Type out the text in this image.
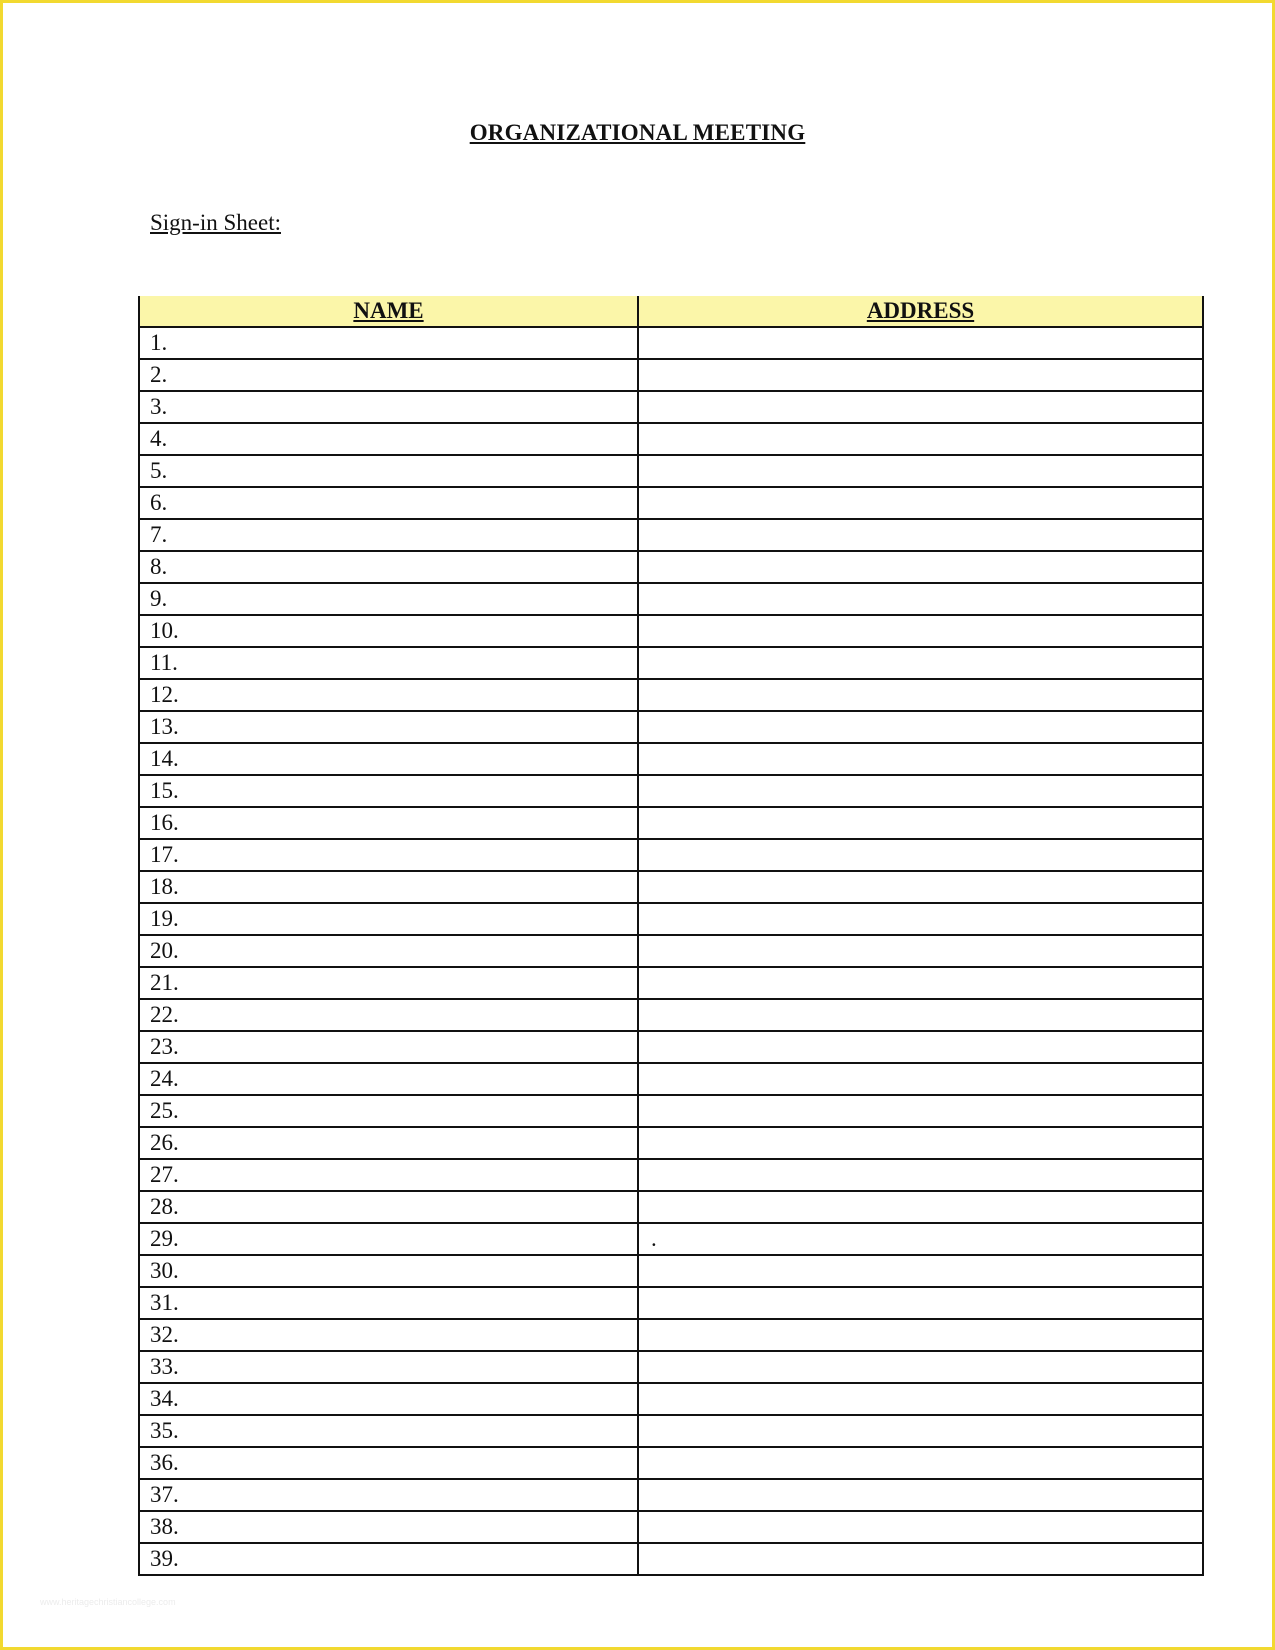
ORGANIZATIONAL MEETING
Sign-in Sheet:
NAME	ADDRESS
1.	
2.	
3.	
4.	
5.	
6.	
7.	
8.	
9.	
10.	
11.	
12.	
13.	
14.	
15.	
16.	
17.	
18.	
19.	
20.	
21.	
22.	
23.	
24.	
25.	
26.	
27.	
28.	
29.	.
30.	
31.	
32.	
33.	
34.	
35.	
36.	
37.	
38.	
39.	
www.heritagechristiancollege.com
